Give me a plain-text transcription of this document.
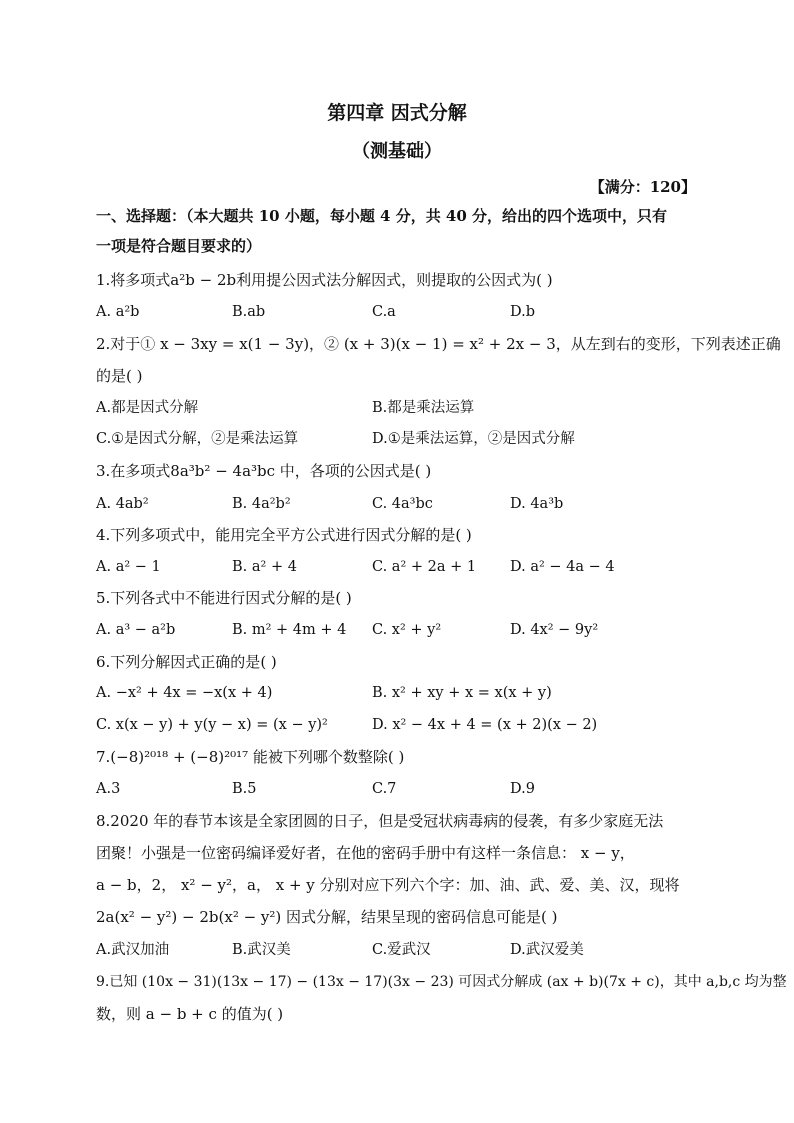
第四章 因式分解
（测基础）
【满分：120】
一、选择题：（本大题共 10 小题，每小题 4 分，共 40 分，给出的四个选项中，只有
一项是符合题目要求的）
1.将多项式a²b − 2b利用提公因式法分解因式，则提取的公因式为( )
A. a²b	B.ab	C.a	D.b
2.对于① x − 3xy = x(1 − 3y)，② (x + 3)(x − 1) = x² + 2x − 3，从左到右的变形，下列表述正确
的是( )
A.都是因式分解	B.都是乘法运算
C.①是因式分解，②是乘法运算	D.①是乘法运算，②是因式分解
3.在多项式8a³b² − 4a³bc 中，各项的公因式是( )
A. 4ab²	B. 4a²b²	C. 4a³bc	D. 4a³b
4.下列多项式中，能用完全平方公式进行因式分解的是( )
A. a² − 1	B. a² + 4	C. a² + 2a + 1 D. a² − 4a − 4
5.下列各式中不能进行因式分解的是( )
A. a³ − a²b	B. m² + 4m + 4 C. x² + y²	D. 4x² − 9y²
6.下列分解因式正确的是( )
A. −x² + 4x = −x(x + 4)	B. x² + xy + x = x(x + y)
C. x(x − y) + y(y − x) = (x − y)²	D. x² − 4x + 4 = (x + 2)(x − 2)
7.(−8)²⁰¹⁸ + (−8)²⁰¹⁷ 能被下列哪个数整除( )
A.3	B.5	C.7	D.9
8.2020 年的春节本该是全家团圆的日子，但是受冠状病毒病的侵袭，有多少家庭无法
团聚！小强是一位密码编译爱好者，在他的密码手册中有这样一条信息： x − y，
a − b，2， x² − y²，a， x + y 分别对应下列六个字：加、油、武、爱、美、汉，现将
2a(x² − y²) − 2b(x² − y²) 因式分解，结果呈现的密码信息可能是( )
A.武汉加油	B.武汉美	C.爱武汉	D.武汉爱美
9.已知 (10x − 31)(13x − 17) − (13x − 17)(3x − 23) 可因式分解成 (ax + b)(7x + c)，其中 a,b,c 均为整
数，则 a − b + c 的值为( )
